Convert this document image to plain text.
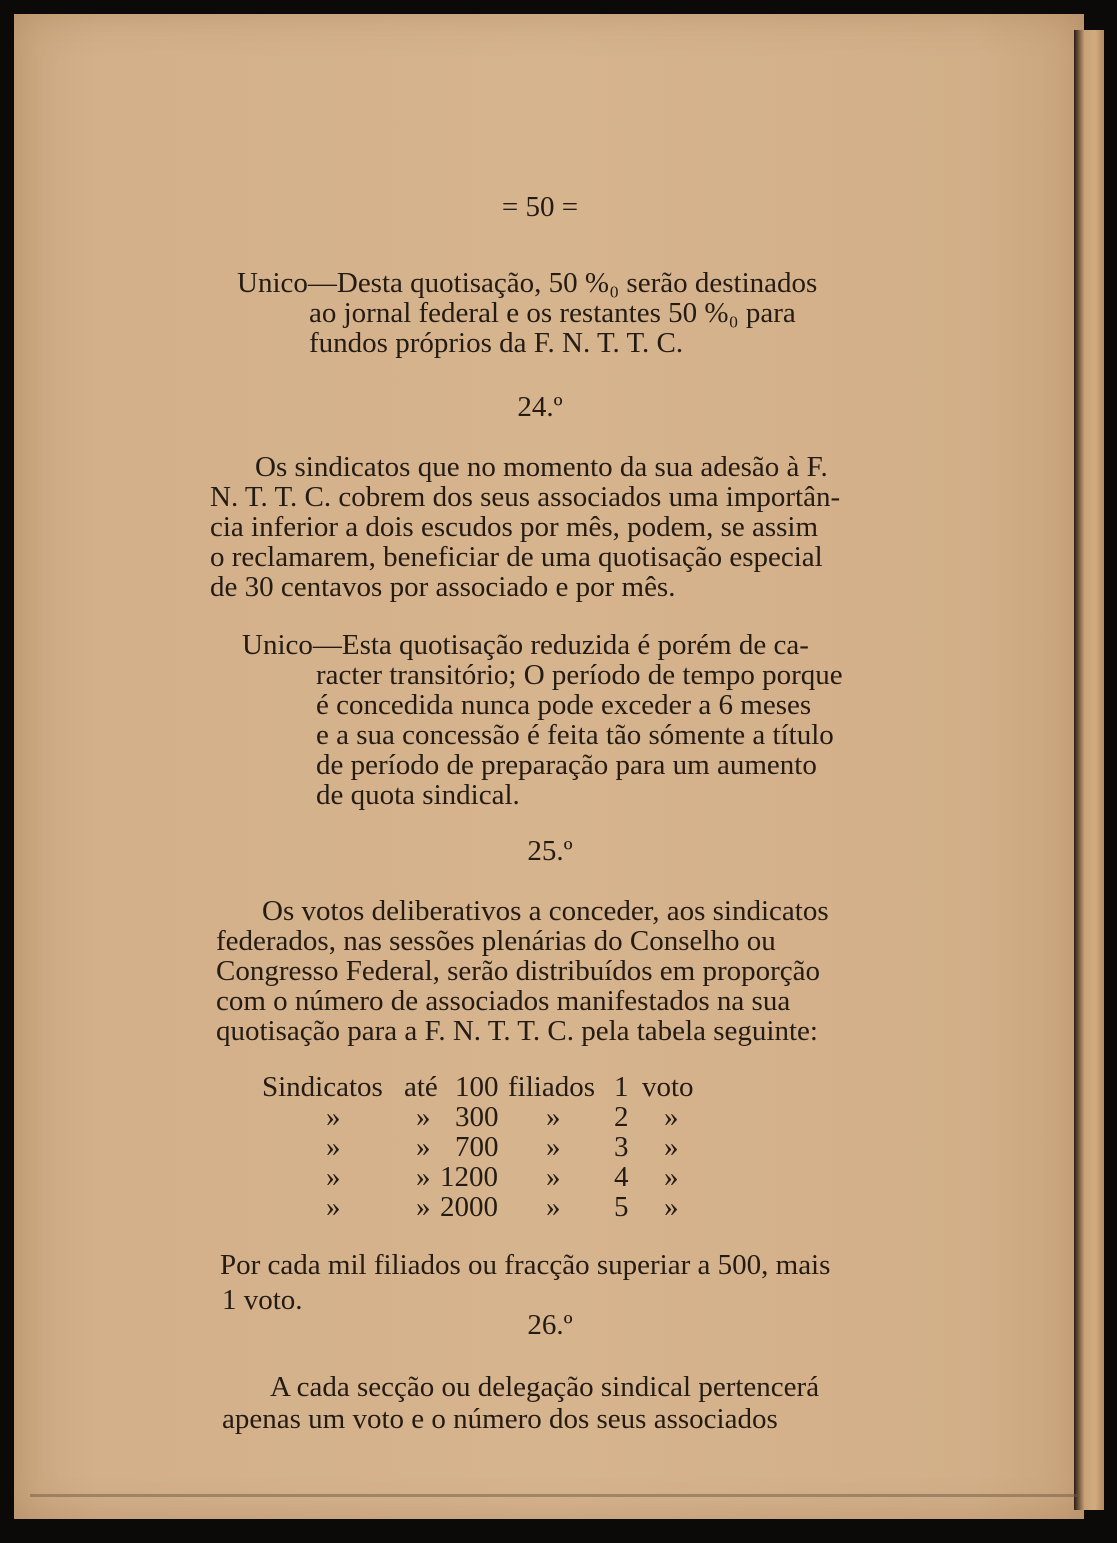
= 50 =
Unico—Desta quotisação, 50 %₀ serão destinados
ao jornal federal e os restantes 50 %₀ para
fundos próprios da F. N. T. T. C.
24.º
Os sindicatos que no momento da sua adesão à F.
N. T. T. C. cobrem dos seus associados uma importân-
cia inferior a dois escudos por mês, podem, se assim
o reclamarem, beneficiar de uma quotisação especial
de 30 centavos por associado e por mês.
Unico—Esta quotisação reduzida é porém de ca-
racter transitório; O período de tempo porque
é concedida nunca pode exceder a 6 meses
e a sua concessão é feita tão sómente a título
de período de preparação para um aumento
de quota sindical.
25.º
Os votos deliberativos a conceder, aos sindicatos
federados, nas sessões plenárias do Conselho ou
Congresso Federal, serão distribuídos em proporção
com o número de associados manifestados na sua
quotisação para a F. N. T. T. C. pela tabela seguinte:
Sindicatos até 100 filiados 1 voto
»	» 300 » 2 »
»	» 700 » 3 »
»	» 1200 » 4 »
»	» 2000 » 5 »
Por cada mil filiados ou fracção superiar a 500, mais
1 voto.
26.º
A cada secção ou delegação sindical pertencerá
apenas um voto e o número dos seus associados
